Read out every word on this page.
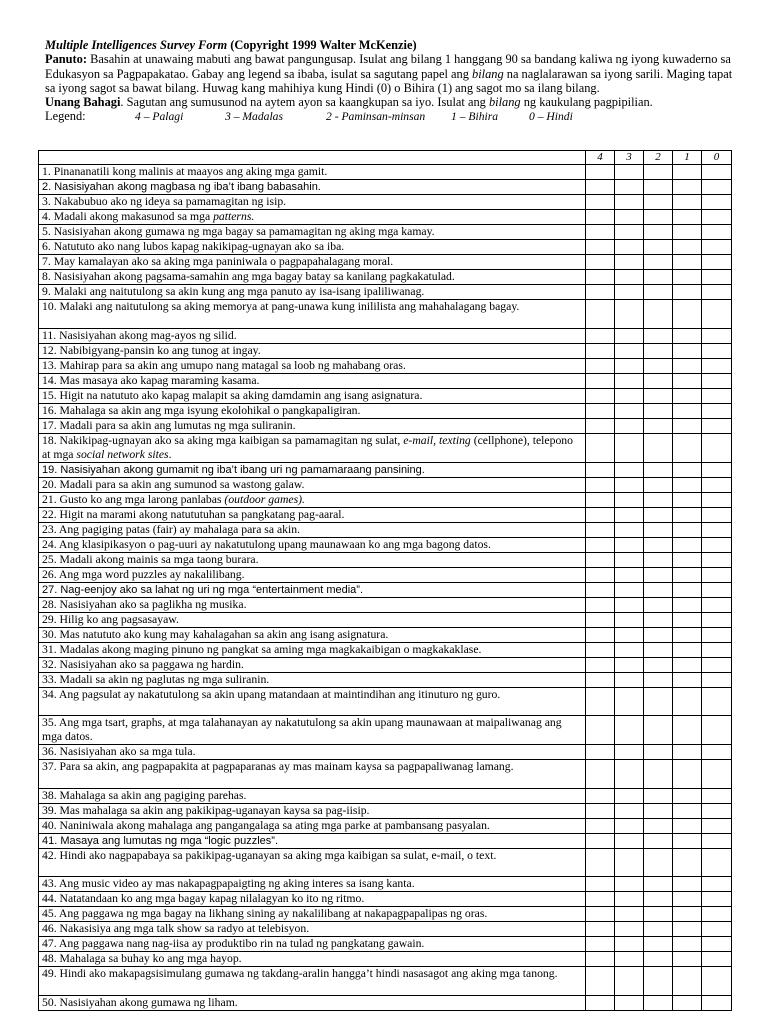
Multiple Intelligences Survey Form (Copyright 1999 Walter McKenzie)

Panuto: Basahin at unawaing mabuti ang bawat pangungusap. Isulat ang bilang 1 hanggang 90 sa bandang kaliwa ng iyong kuwaderno sa Edukasyon sa Pagpapakatao. Gabay ang legend sa ibaba, isulat sa sagutang papel ang bilang na naglalarawan sa iyong sarili. Maging tapat sa iyong sagot sa bawat bilang. Huwag kang mahihiya kung Hindi (0) o Bihira (1) ang sagot mo sa ilang bilang.

Unang Bahagi. Sagutan ang sumusunod na aytem ayon sa kaangkupan sa iyo. Isulat ang bilang ng kaukulang pagpipilian.

Legend:	4 – Palagi	3 – Madalas	2 - Paminsan-minsan	1 – Bihira	0 – Hindi
	4	3	2	1	0
1. Pinananatili kong malinis at maayos ang aking mga gamit.					
2. Nasisiyahan akong magbasa ng iba’t ibang babasahin.					
3. Nakabubuo ako ng ideya sa pamamagitan ng isip.					
4. Madali akong makasunod sa mga patterns.					
5. Nasisiyahan akong gumawa ng mga bagay sa pamamagitan ng aking mga kamay.					
6. Natututo ako nang lubos kapag nakikipag-ugnayan ako sa iba.					
7. May kamalayan ako sa aking mga paniniwala o pagpapahalagang moral.					
8. Nasisiyahan akong pagsama-samahin ang mga bagay batay sa kanilang pagkakatulad.					
9. Malaki ang naitutulong sa akin kung ang mga panuto ay isa-isang ipaliliwanag.					
10. Malaki ang naitutulong sa aking memorya at pang-unawa kung inililista ang mahahalagang bagay.					
11. Nasisiyahan akong mag-ayos ng silid.					
12. Nabibigyang-pansin ko ang tunog at ingay.					
13. Mahirap para sa akin ang umupo nang matagal sa loob ng mahabang oras.					
14. Mas masaya ako kapag maraming kasama.					
15. Higit na natututo ako kapag malapit sa aking damdamin ang isang asignatura.					
16. Mahalaga sa akin ang mga isyung ekolohikal o pangkapaligiran.					
17. Madali para sa akin ang lumutas ng mga suliranin.					
18. Nakikipag-ugnayan ako sa aking mga kaibigan sa pamamagitan ng sulat, e-mail, texting (cellphone), telepono at mga social network sites.					
19. Nasisiyahan akong gumamit ng iba’t ibang uri ng pamamaraang pansining.					
20. Madali para sa akin ang sumunod sa wastong galaw.					
21. Gusto ko ang mga larong panlabas (outdoor games).					
22. Higit na marami akong natututuhan sa pangkatang pag-aaral.					
23. Ang pagiging patas (fair) ay mahalaga para sa akin.					
24. Ang klasipikasyon o pag-uuri ay nakatutulong upang maunawaan ko ang mga bagong datos.					
25. Madali akong mainis sa mga taong burara.					
26. Ang mga word puzzles ay nakalilibang.					
27. Nag-eenjoy ako sa lahat ng uri ng mga “entertainment media”.					
28. Nasisiyahan ako sa paglikha ng musika.					
29. Hilig ko ang pagsasayaw.					
30. Mas natututo ako kung may kahalagahan sa akin ang isang asignatura.					
31. Madalas akong maging pinuno ng pangkat sa aming mga magkakaibigan o magkakaklase.					
32. Nasisiyahan ako sa paggawa ng hardin.					
33. Madali sa akin ng paglutas ng mga suliranin.					
34. Ang pagsulat ay nakatutulong sa akin upang matandaan at maintindihan ang itinuturo ng guro.					
35. Ang mga tsart, graphs, at mga talahanayan ay nakatutulong sa akin upang maunawaan at maipaliwanag ang mga datos.					
36. Nasisiyahan ako sa mga tula.					
37. Para sa akin, ang pagpapakita at pagpaparanas ay mas mainam kaysa sa pagpapaliwanag lamang.					
38. Mahalaga sa akin ang pagiging parehas.					
39. Mas mahalaga sa akin ang pakikipag-uganayan kaysa sa pag-iisip.					
40. Naniniwala akong mahalaga ang pangangalaga sa ating mga parke at pambansang pasyalan.					
41. Masaya ang lumutas ng mga “logic puzzles”.					
42. Hindi ako nagpapabaya sa pakikipag-uganayan sa aking mga kaibigan sa sulat, e-mail, o text.					
43. Ang music video ay mas nakapagpapaigting ng aking interes sa isang kanta.					
44. Natatandaan ko ang mga bagay kapag nilalagyan ko ito ng ritmo.					
45. Ang paggawa ng mga bagay na likhang sining ay nakalilibang at nakapagpapalipas ng oras.					
46. Nakasisiya ang mga talk show sa radyo at telebisyon.					
47. Ang paggawa nang nag-iisa ay produktibo rin na tulad ng pangkatang gawain.					
48. Mahalaga sa buhay ko ang mga hayop.					
49. Hindi ako makapagsisimulang gumawa ng takdang-aralin hangga’t hindi nasasagot ang aking mga tanong.					
50. Nasisiyahan akong gumawa ng liham.					
